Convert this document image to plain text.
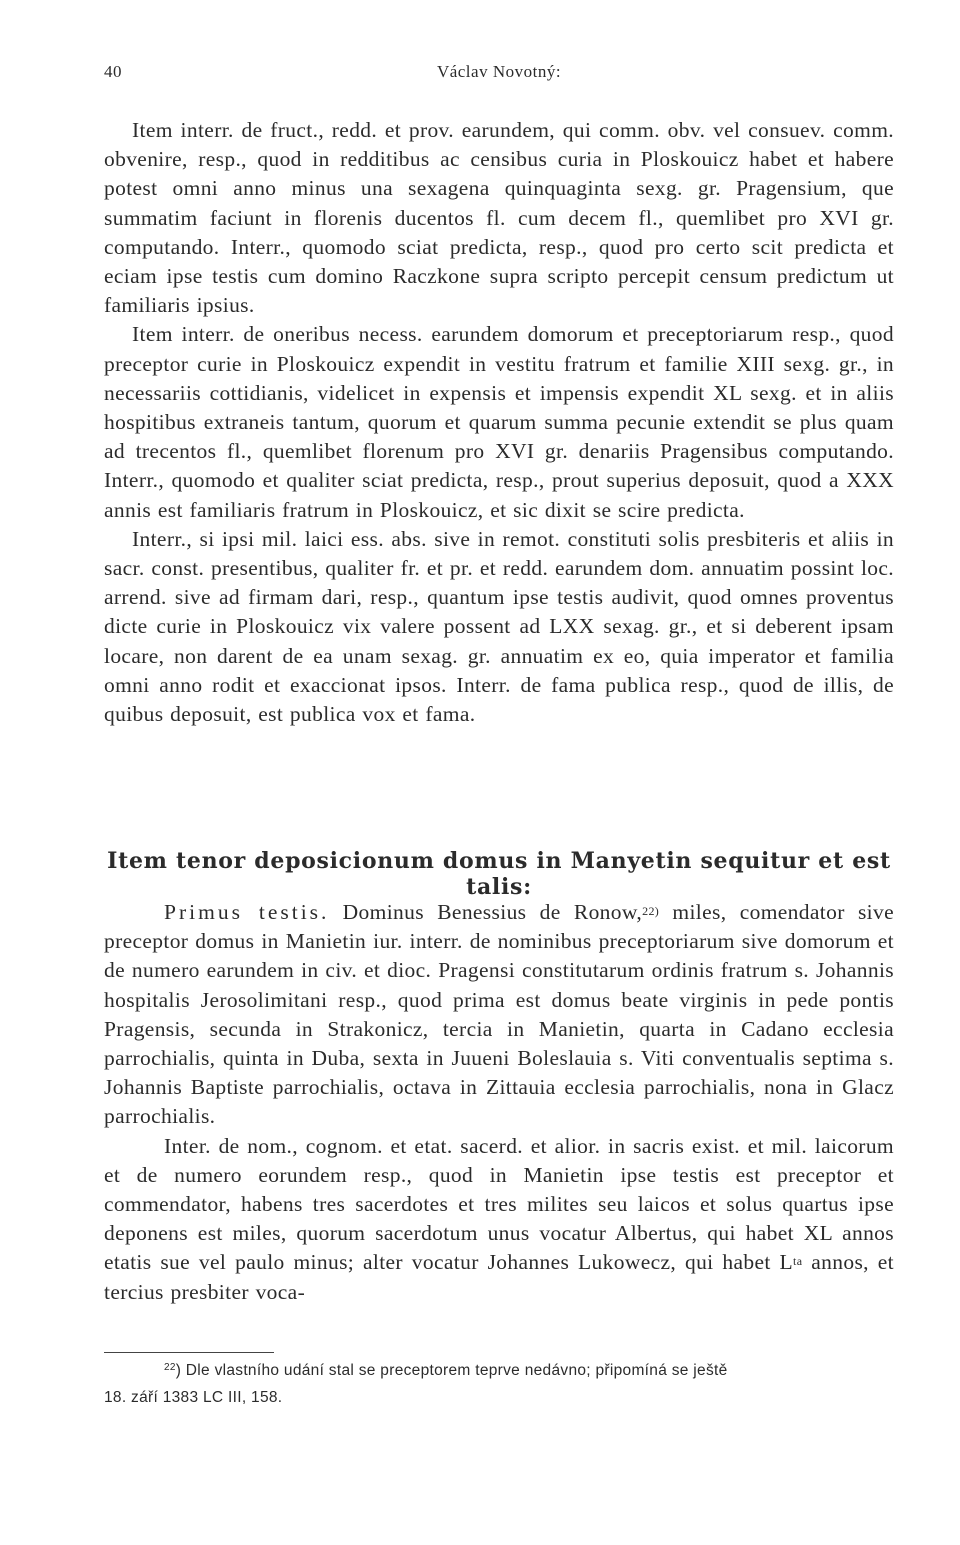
40	Václav Novotný:

Item interr. de fruct., redd. et prov. earundem, qui comm. obv. vel consuev. comm. obvenire, resp., quod in redditibus ac censibus curia in Ploskouicz habet et habere potest omni anno minus una sexagena quinquaginta sexg. gr. Pragensium, que summatim faciunt in florenis ducentos fl. cum decem fl., quemlibet pro XVI gr. computando. Interr., quomodo sciat predicta, resp., quod pro certo scit predicta et eciam ipse testis cum domino Raczkone supra scripto percepit censum predictum ut familiaris ipsius.

Item interr. de oneribus necess. earundem domorum et preceptoriarum resp., quod preceptor curie in Ploskouicz expendit in vestitu fratrum et familie XIII sexg. gr., in necessariis cottidianis, videlicet in expensis et impensis expendit XL sexg. et in aliis hospitibus extraneis tantum, quorum et quarum summa pecunie extendit se plus quam ad trecentos fl., quemlibet florenum pro XVI gr. denariis Pragensibus computando. Interr., quomodo et qualiter sciat predicta, resp., prout superius deposuit, quod a XXX annis est familiaris fratrum in Ploskouicz, et sic dixit se scire predicta.

Interr., si ipsi mil. laici ess. abs. sive in remot. constituti solis presbiteris et aliis in sacr. const. presentibus, qualiter fr. et pr. et redd. earundem dom. annuatim possint loc. arrend. sive ad firmam dari, resp., quantum ipse testis audivit, quod omnes proventus dicte curie in Ploskouicz vix valere possent ad LXX sexag. gr., et si deberent ipsam locare, non darent de ea unam sexag. gr. annuatim ex eo, quia imperator et familia omni anno rodit et exaccionat ipsos. Interr. de fama publica resp., quod de illis, de quibus deposuit, est publica vox et fama.

Item tenor deposicionum domus in Manyetin sequitur et est talis:

Primus testis. Dominus Benessius de Ronow,$^{22)}$ miles, comendator sive preceptor domus in Manietin iur. interr. de nominibus preceptoriarum sive domorum et de numero earundem in civ. et dioc. Pragensi constitutarum ordinis fratrum s. Johannis hospitalis Jerosolimitani resp., quod prima est domus beate virginis in pede pontis Pragensis, secunda in Strakonicz, tercia in Manietin, quarta in Cadano ecclesia parrochialis, quinta in Duba, sexta in Juueni Boleslauia s. Viti conventualis septima s. Johannis Baptiste parrochialis, octava in Zittauia ecclesia parrochialis, nona in Glacz parrochialis.

Inter. de nom., cognom. et etat. sacerd. et alior. in sacris exist. et mil. laicorum et de numero eorundem resp., quod in Manietin ipse testis est preceptor et commendator, habens tres sacerdotes et tres milites seu laicos et solus quartus ipse deponens est miles, quorum sacerdotum unus vocatur Albertus, qui habet XL annos etatis sue vel paulo minus; alter vocatur Johannes Lukowecz, qui habet $L^{ta}$ annos, et tercius presbiter voca-

$^{22}$) Dle vlastního udání stal se preceptorem teprve nedávno; připomíná se ještě

18. září 1383 LC III, 158.
